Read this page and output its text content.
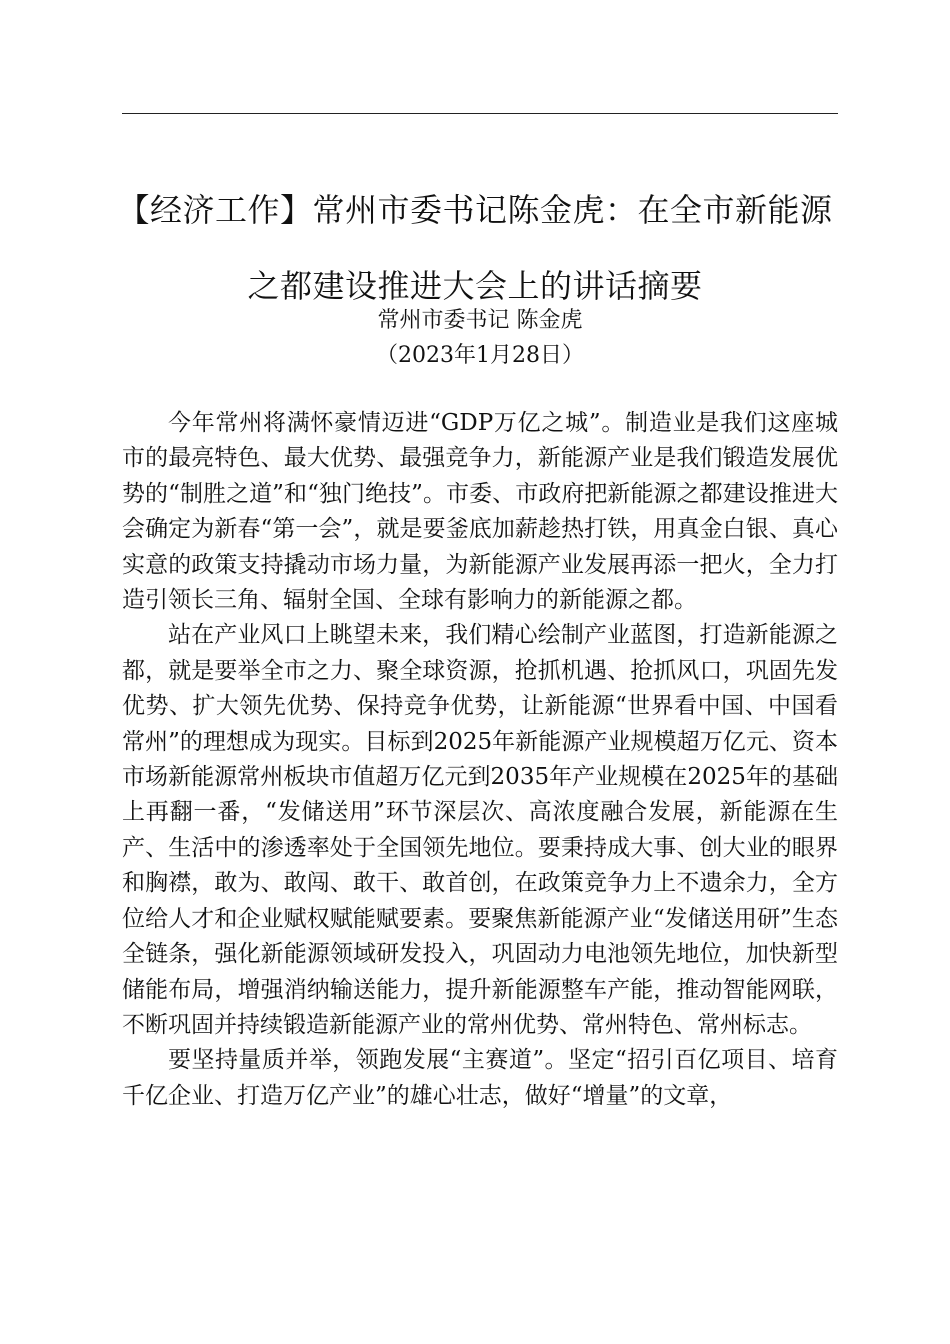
【经济工作】常州市委书记陈金虎：在全市新能源之都建设推进大会上的讲话摘要
常州市委书记 陈金虎
（2023年1月28日）

今年常州将满怀豪情迈进“GDP万亿之城”。制造业是我们这座城市的最亮特色、最大优势、最强竞争力，新能源产业是我们锻造发展优势的“制胜之道”和“独门绝技”。市委、市政府把新能源之都建设推进大会确定为新春“第一会”，就是要釜底加薪趁热打铁，用真金白银、真心实意的政策支持撬动市场力量，为新能源产业发展再添一把火，全力打造引领长三角、辐射全国、全球有影响力的新能源之都。

站在产业风口上眺望未来，我们精心绘制产业蓝图，打造新能源之都，就是要举全市之力、聚全球资源，抢抓机遇、抢抓风口，巩固先发优势、扩大领先优势、保持竞争优势，让新能源“世界看中国、中国看常州”的理想成为现实。目标到2025年新能源产业规模超万亿元、资本市场新能源常州板块市值超万亿元到2035年产业规模在2025年的基础上再翻一番，“发储送用”环节深层次、高浓度融合发展，新能源在生产、生活中的渗透率处于全国领先地位。要秉持成大事、创大业的眼界和胸襟，敢为、敢闯、敢干、敢首创，在政策竞争力上不遗余力，全方位给人才和企业赋权赋能赋要素。要聚焦新能源产业“发储送用研”生态全链条，强化新能源领域研发投入，巩固动力电池领先地位，加快新型储能布局，增强消纳输送能力，提升新能源整车产能，推动智能网联，不断巩固并持续锻造新能源产业的常州优势、常州特色、常州标志。

要坚持量质并举，领跑发展“主赛道”。坚定“招引百亿项目、培育千亿企业、打造万亿产业”的雄心壮志，做好“增量”的文章，
